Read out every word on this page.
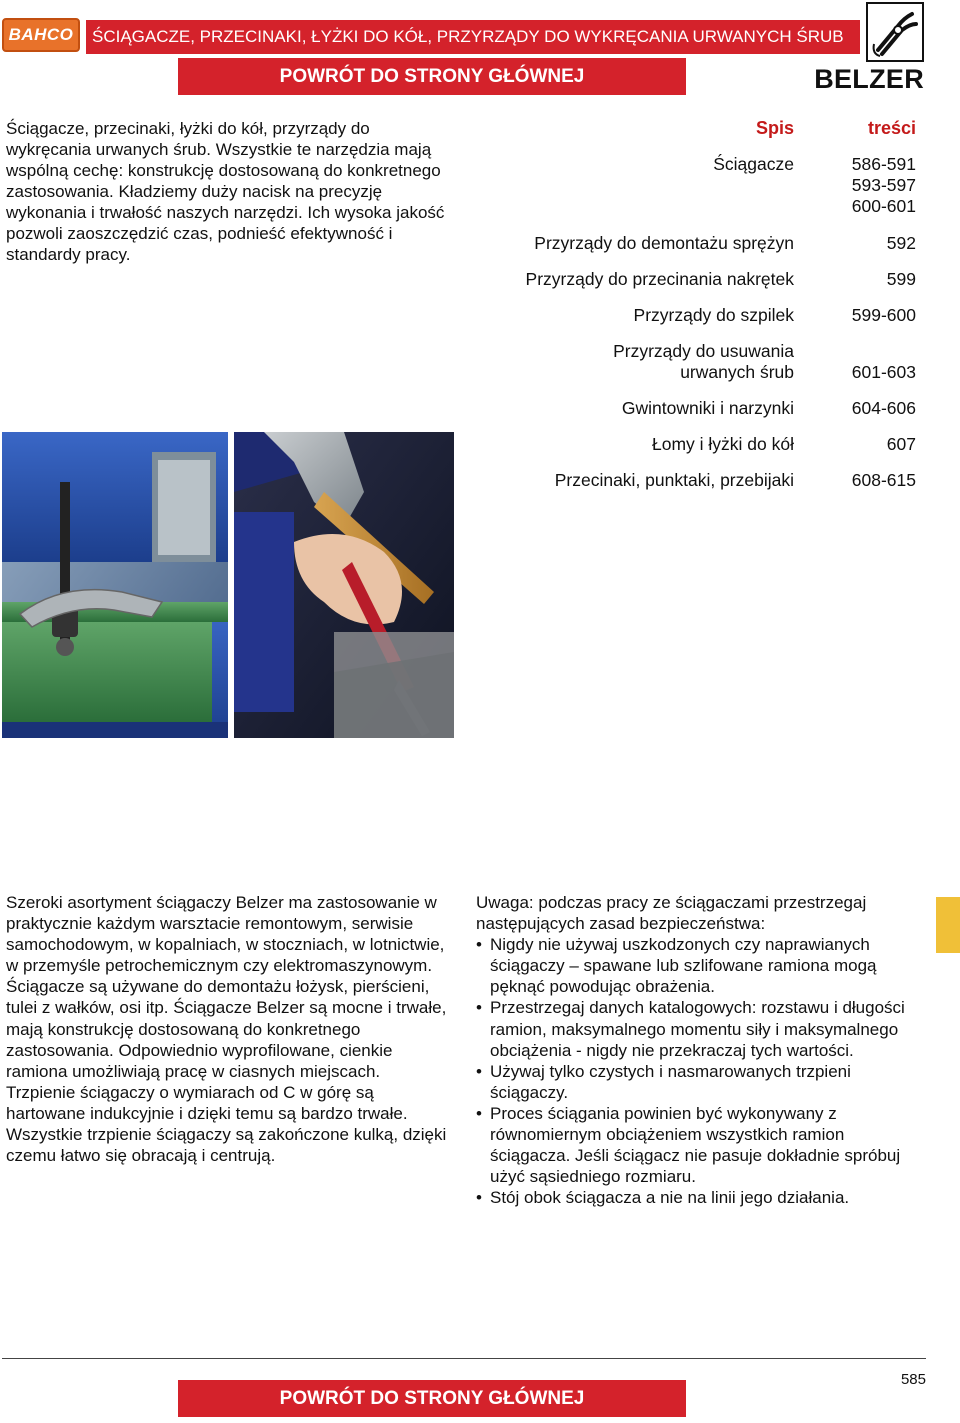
BAHCO	ŚCIĄGACZE, PRZECINAKI, ŁYŻKI DO KÓŁ, PRZYRZĄDY DO WYKRĘCANIA URWANYCH ŚRUB
POWRÓT DO STRONY GŁÓWNEJ	BELZER
Ściągacze, przecinaki, łyżki do kół, przyrządy do wykręcania urwanych śrub. Wszystkie te narzędzia mają wspólną cechę: konstrukcję dostosowaną do konkretnego zastosowania. Kładziemy duży nacisk na precyzję wykonania i trwałość naszych narzędzi. Ich wysoka jakość pozwoli zaoszczędzić czas, podnieść efektywność i standardy pracy.
Spis	treści
Ściągacze	586-591
593-597
600-601
Przyrządy do demontażu sprężyn	592
Przyrządy do przecinania nakrętek	599
Przyrządy do szpilek	599-600
Przyrządy do usuwania
urwanych śrub	601-603
Gwintowniki i narzynki	604-606
Łomy i łyżki do kół	607
Przecinaki, punktaki, przebijaki	608-615
Szeroki asortyment ściągaczy Belzer ma zastosowanie w praktycznie każdym warsztacie remontowym, serwisie samochodowym, w kopalniach, w stoczniach, w lotnictwie, w przemyśle petrochemicznym czy elektromaszynowym. Ściągacze są używane do demontażu łożysk, pierścieni, tulei z wałków, osi itp. Ściągacze Belzer są mocne i trwałe, mają konstrukcję dostosowaną do konkretnego zastosowania. Odpowiednio wyprofilowane, cienkie ramiona umożliwiają pracę w ciasnych miejscach. Trzpienie ściągaczy o wymiarach od C w górę są hartowane indukcyjnie i dzięki temu są bardzo trwałe. Wszystkie trzpienie ściągaczy są zakończone kulką, dzięki czemu łatwo się obracają i centrują.
Uwaga: podczas pracy ze ściągaczami przestrzegaj następujących zasad bezpieczeństwa:
• Nigdy nie używaj uszkodzonych czy naprawianych ściągaczy – spawane lub szlifowane ramiona mogą pęknąć powodując obrażenia.
• Przestrzegaj danych katalogowych: rozstawu i długości ramion, maksymalnego momentu siły i maksymalnego obciążenia - nigdy nie przekraczaj tych wartości.
• Używaj tylko czystych i nasmarowanych trzpieni ściągaczy.
• Proces ściągania powinien być wykonywany z równomiernym obciążeniem wszystkich ramion ściągacza. Jeśli ściągacz nie pasuje dokładnie spróbuj użyć sąsiedniego rozmiaru.
• Stój obok ściągacza a nie na linii jego działania.
585
POWRÓT DO STRONY GŁÓWNEJ
